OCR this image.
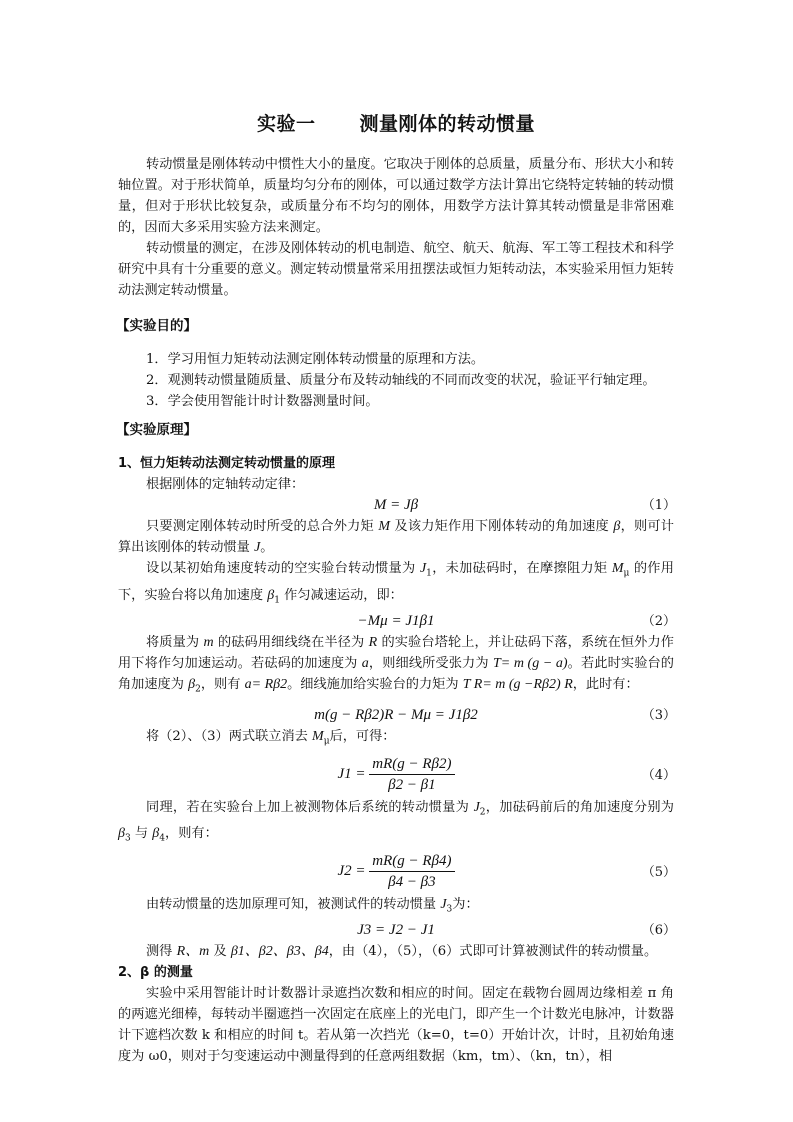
实验一 测量刚体的转动惯量

转动惯量是刚体转动中惯性大小的量度。它取决于刚体的总质量，质量分布、形状大小和转轴位置。对于形状简单，质量均匀分布的刚体，可以通过数学方法计算出它绕特定转轴的转动惯量，但对于形状比较复杂，或质量分布不均匀的刚体，用数学方法计算其转动惯量是非常困难的，因而大多采用实验方法来测定。

转动惯量的测定，在涉及刚体转动的机电制造、航空、航天、航海、军工等工程技术和科学研究中具有十分重要的意义。测定转动惯量常采用扭摆法或恒力矩转动法，本实验采用恒力矩转动法测定转动惯量。

【实验目的】

1．学习用恒力矩转动法测定刚体转动惯量的原理和方法。

2．观测转动惯量随质量、质量分布及转动轴线的不同而改变的状况，验证平行轴定理。

3．学会使用智能计时计数器测量时间。

【实验原理】
1、恒力矩转动法测定转动惯量的原理

根据刚体的定轴转动定律：

M = Jβ	（1）

只要测定刚体转动时所受的总合外力矩 M 及该力矩作用下刚体转动的角加速度 β，则可计算出该刚体的转动惯量 J。

设以某初始角速度转动的空实验台转动惯量为 $J_1$，未加砝码时，在摩擦阻力矩 $M_\mu$ 的作用下，实验台将以角加速度 $\beta_1$ 作匀减速运动，即：

−Mμ = J1β1	（2）

将质量为 m 的砝码用细线绕在半径为 R 的实验台塔轮上，并让砝码下落，系统在恒外力作用下将作匀加速运动。若砝码的加速度为 a，则细线所受张力为 T= m (g − a)。若此时实验台的角加速度为 $\beta_2$，则有 a= Rβ2。细线施加给实验台的力矩为 T R= m (g −Rβ2) R，此时有：

m(g − Rβ2)R − Mμ = J1β2	（3）

将（2）、（3）两式联立消去 $M_\mu$后，可得：

$J1 = \frac{mR(g - R\beta 2)}{\beta 2 - \beta 1}$	（4）

同理，若在实验台上加上被测物体后系统的转动惯量为 $J_2$，加砝码前后的角加速度分别为 $\beta_3$ 与 $\beta_4$，则有：

$J2 = \frac{mR(g - R\beta 4)}{\beta 4 - \beta 3}$	（5）

由转动惯量的迭加原理可知，被测试件的转动惯量 $J_3$为：

J3 = J2 − J1	（6）

测得 R、m 及 β1、β2、β3、β4，由（4），（5），（6）式即可计算被测试件的转动惯量。

2、β 的测量

实验中采用智能计时计数器计录遮挡次数和相应的时间。固定在载物台圆周边缘相差 π 角的两遮光细棒，每转动半圈遮挡一次固定在底座上的光电门，即产生一个计数光电脉冲，计数器计下遮档次数 k 和相应的时间 t。若从第一次挡光（k=0，t=0）开始计次，计时，且初始角速度为 ω0，则对于匀变速运动中测量得到的任意两组数据（km，tm）、（kn，tn），相
